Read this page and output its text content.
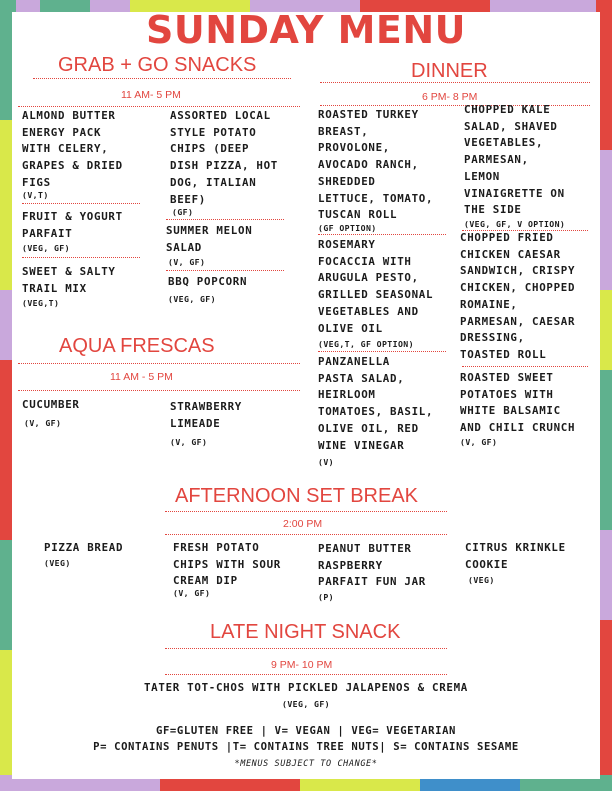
SUNDAY MENU
GRAB + GO SNACKS
11 AM- 5 PM
ALMOND BUTTER
ENERGY PACK
WITH CELERY,
GRAPES & DRIED
FIGS
(V,T)
FRUIT & YOGURT
PARFAIT
(VEG, GF)
SWEET & SALTY
TRAIL MIX
(VEG,T)
ASSORTED LOCAL
STYLE POTATO
CHIPS (DEEP
DISH PIZZA, HOT
DOG, ITALIAN
BEEF)
(GF)
SUMMER MELON
SALAD
(V, GF)
BBQ POPCORN
(VEG, GF)
DINNER
6 PM- 8 PM
ROASTED TURKEY
BREAST,
PROVOLONE,
AVOCADO RANCH,
SHREDDED
LETTUCE, TOMATO,
TUSCAN ROLL
(GF OPTION)
ROSEMARY
FOCACCIA WITH
ARUGULA PESTO,
GRILLED SEASONAL
VEGETABLES AND
OLIVE OIL
(VEG,T, GF OPTION)
PANZANELLA
PASTA SALAD,
HEIRLOOM
TOMATOES, BASIL,
OLIVE OIL, RED
WINE VINEGAR
(V)
CHOPPED KALE
SALAD, SHAVED
VEGETABLES,
PARMESAN,
LEMON
VINAIGRETTE ON
THE SIDE
(VEG, GF, V OPTION)
CHOPPED FRIED
CHICKEN CAESAR
SANDWICH, CRISPY
CHICKEN, CHOPPED
ROMAINE,
PARMESAN, CAESAR
DRESSING,
TOASTED ROLL
ROASTED SWEET
POTATOES WITH
WHITE BALSAMIC
AND CHILI CRUNCH
(V, GF)
AQUA FRESCAS
11 AM - 5 PM
CUCUMBER
(V, GF)
STRAWBERRY
LIMEADE
(V, GF)
AFTERNOON SET BREAK
2:00 PM
PIZZA BREAD
(VEG)
FRESH POTATO
CHIPS WITH SOUR
CREAM DIP
(V, GF)
PEANUT BUTTER
RASPBERRY
PARFAIT FUN JAR
(P)
CITRUS KRINKLE
COOKIE
(VEG)
LATE NIGHT SNACK
9 PM- 10 PM
TATER TOT-CHOS WITH PICKLED JALAPENOS & CREMA
(VEG, GF)
GF=GLUTEN FREE | V= VEGAN | VEG= VEGETARIAN
P= CONTAINS PENUTS |T= CONTAINS TREE NUTS| S= CONTAINS SESAME
*MENUS SUBJECT TO CHANGE*
